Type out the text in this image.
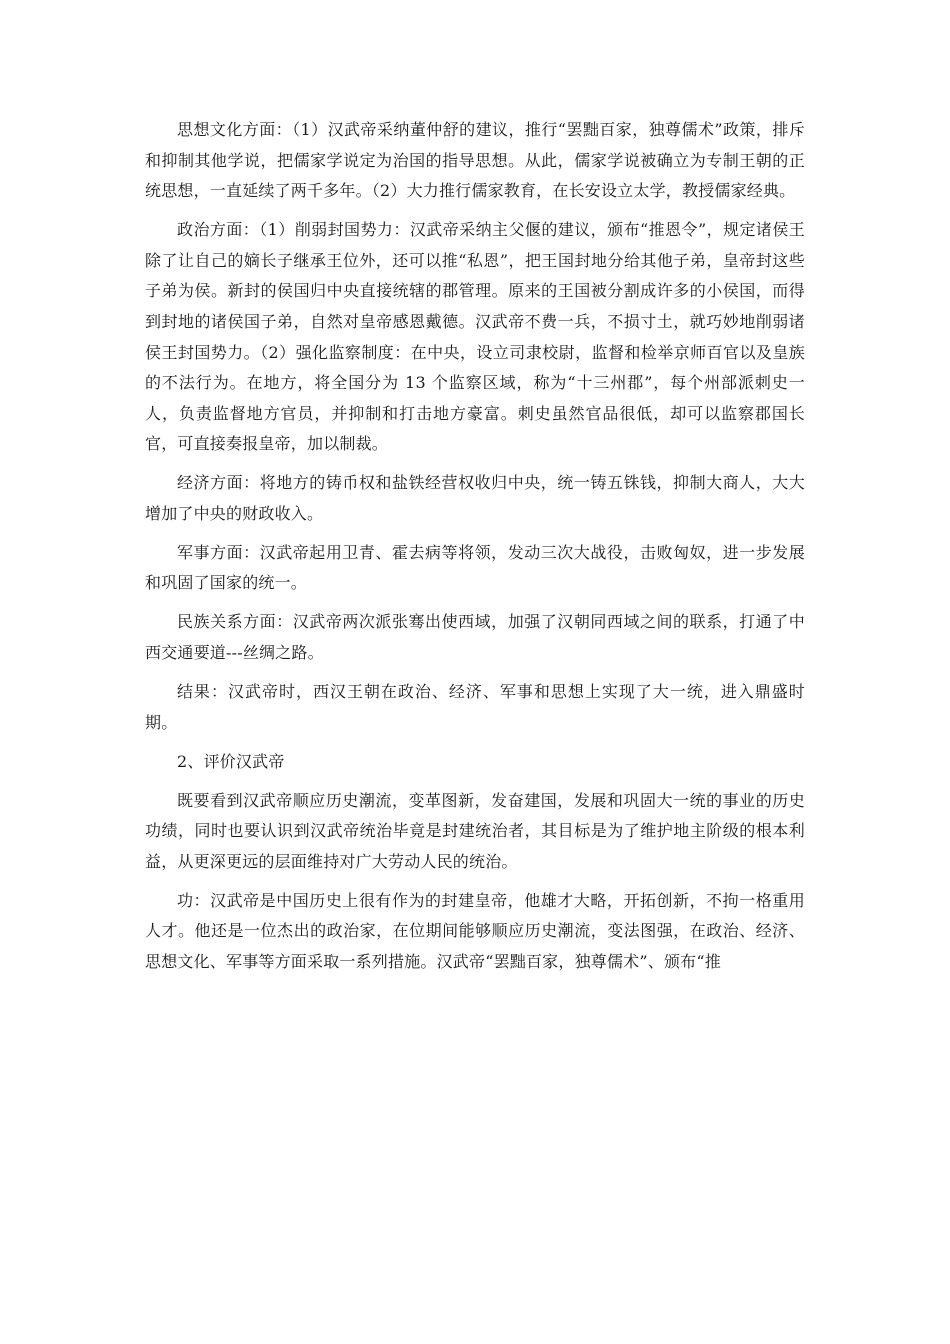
思想文化方面：（1）汉武帝采纳董仲舒的建议，推行“罢黜百家，独尊儒术”政策，排斥和抑制其他学说，把儒家学说定为治国的指导思想。从此，儒家学说被确立为专制王朝的正统思想，一直延续了两千多年。（2）大力推行儒家教育，在长安设立太学，教授儒家经典。

政治方面：（1）削弱封国势力：汉武帝采纳主父偃的建议，颁布“推恩令”，规定诸侯王除了让自己的嫡长子继承王位外，还可以推“私恩”，把王国封地分给其他子弟，皇帝封这些子弟为侯。新封的侯国归中央直接统辖的郡管理。原来的王国被分割成许多的小侯国，而得到封地的诸侯国子弟，自然对皇帝感恩戴德。汉武帝不费一兵，不损寸土，就巧妙地削弱诸侯王封国势力。（2）强化监察制度：在中央，设立司隶校尉，监督和检举京师百官以及皇族的不法行为。在地方，将全国分为 13 个监察区域，称为“十三州郡”，每个州部派刺史一人，负责监督地方官员，并抑制和打击地方豪富。刺史虽然官品很低，却可以监察郡国长官，可直接奏报皇帝，加以制裁。

经济方面：将地方的铸币权和盐铁经营权收归中央，统一铸五铢钱，抑制大商人，大大增加了中央的财政收入。

军事方面：汉武帝起用卫青、霍去病等将领，发动三次大战役，击败匈奴，进一步发展和巩固了国家的统一。

民族关系方面：汉武帝两次派张骞出使西域，加强了汉朝同西域之间的联系，打通了中西交通要道---丝绸之路。

结果：汉武帝时，西汉王朝在政治、经济、军事和思想上实现了大一统，进入鼎盛时期。

2、评价汉武帝

既要看到汉武帝顺应历史潮流，变革图新，发奋建国，发展和巩固大一统的事业的历史功绩，同时也要认识到汉武帝统治毕竟是封建统治者，其目标是为了维护地主阶级的根本利益，从更深更远的层面维持对广大劳动人民的统治。

功：汉武帝是中国历史上很有作为的封建皇帝，他雄才大略，开拓创新，不拘一格重用人才。他还是一位杰出的政治家，在位期间能够顺应历史潮流，变法图强，在政治、经济、思想文化、军事等方面采取一系列措施。汉武帝“罢黜百家，独尊儒术”、颁布“推
